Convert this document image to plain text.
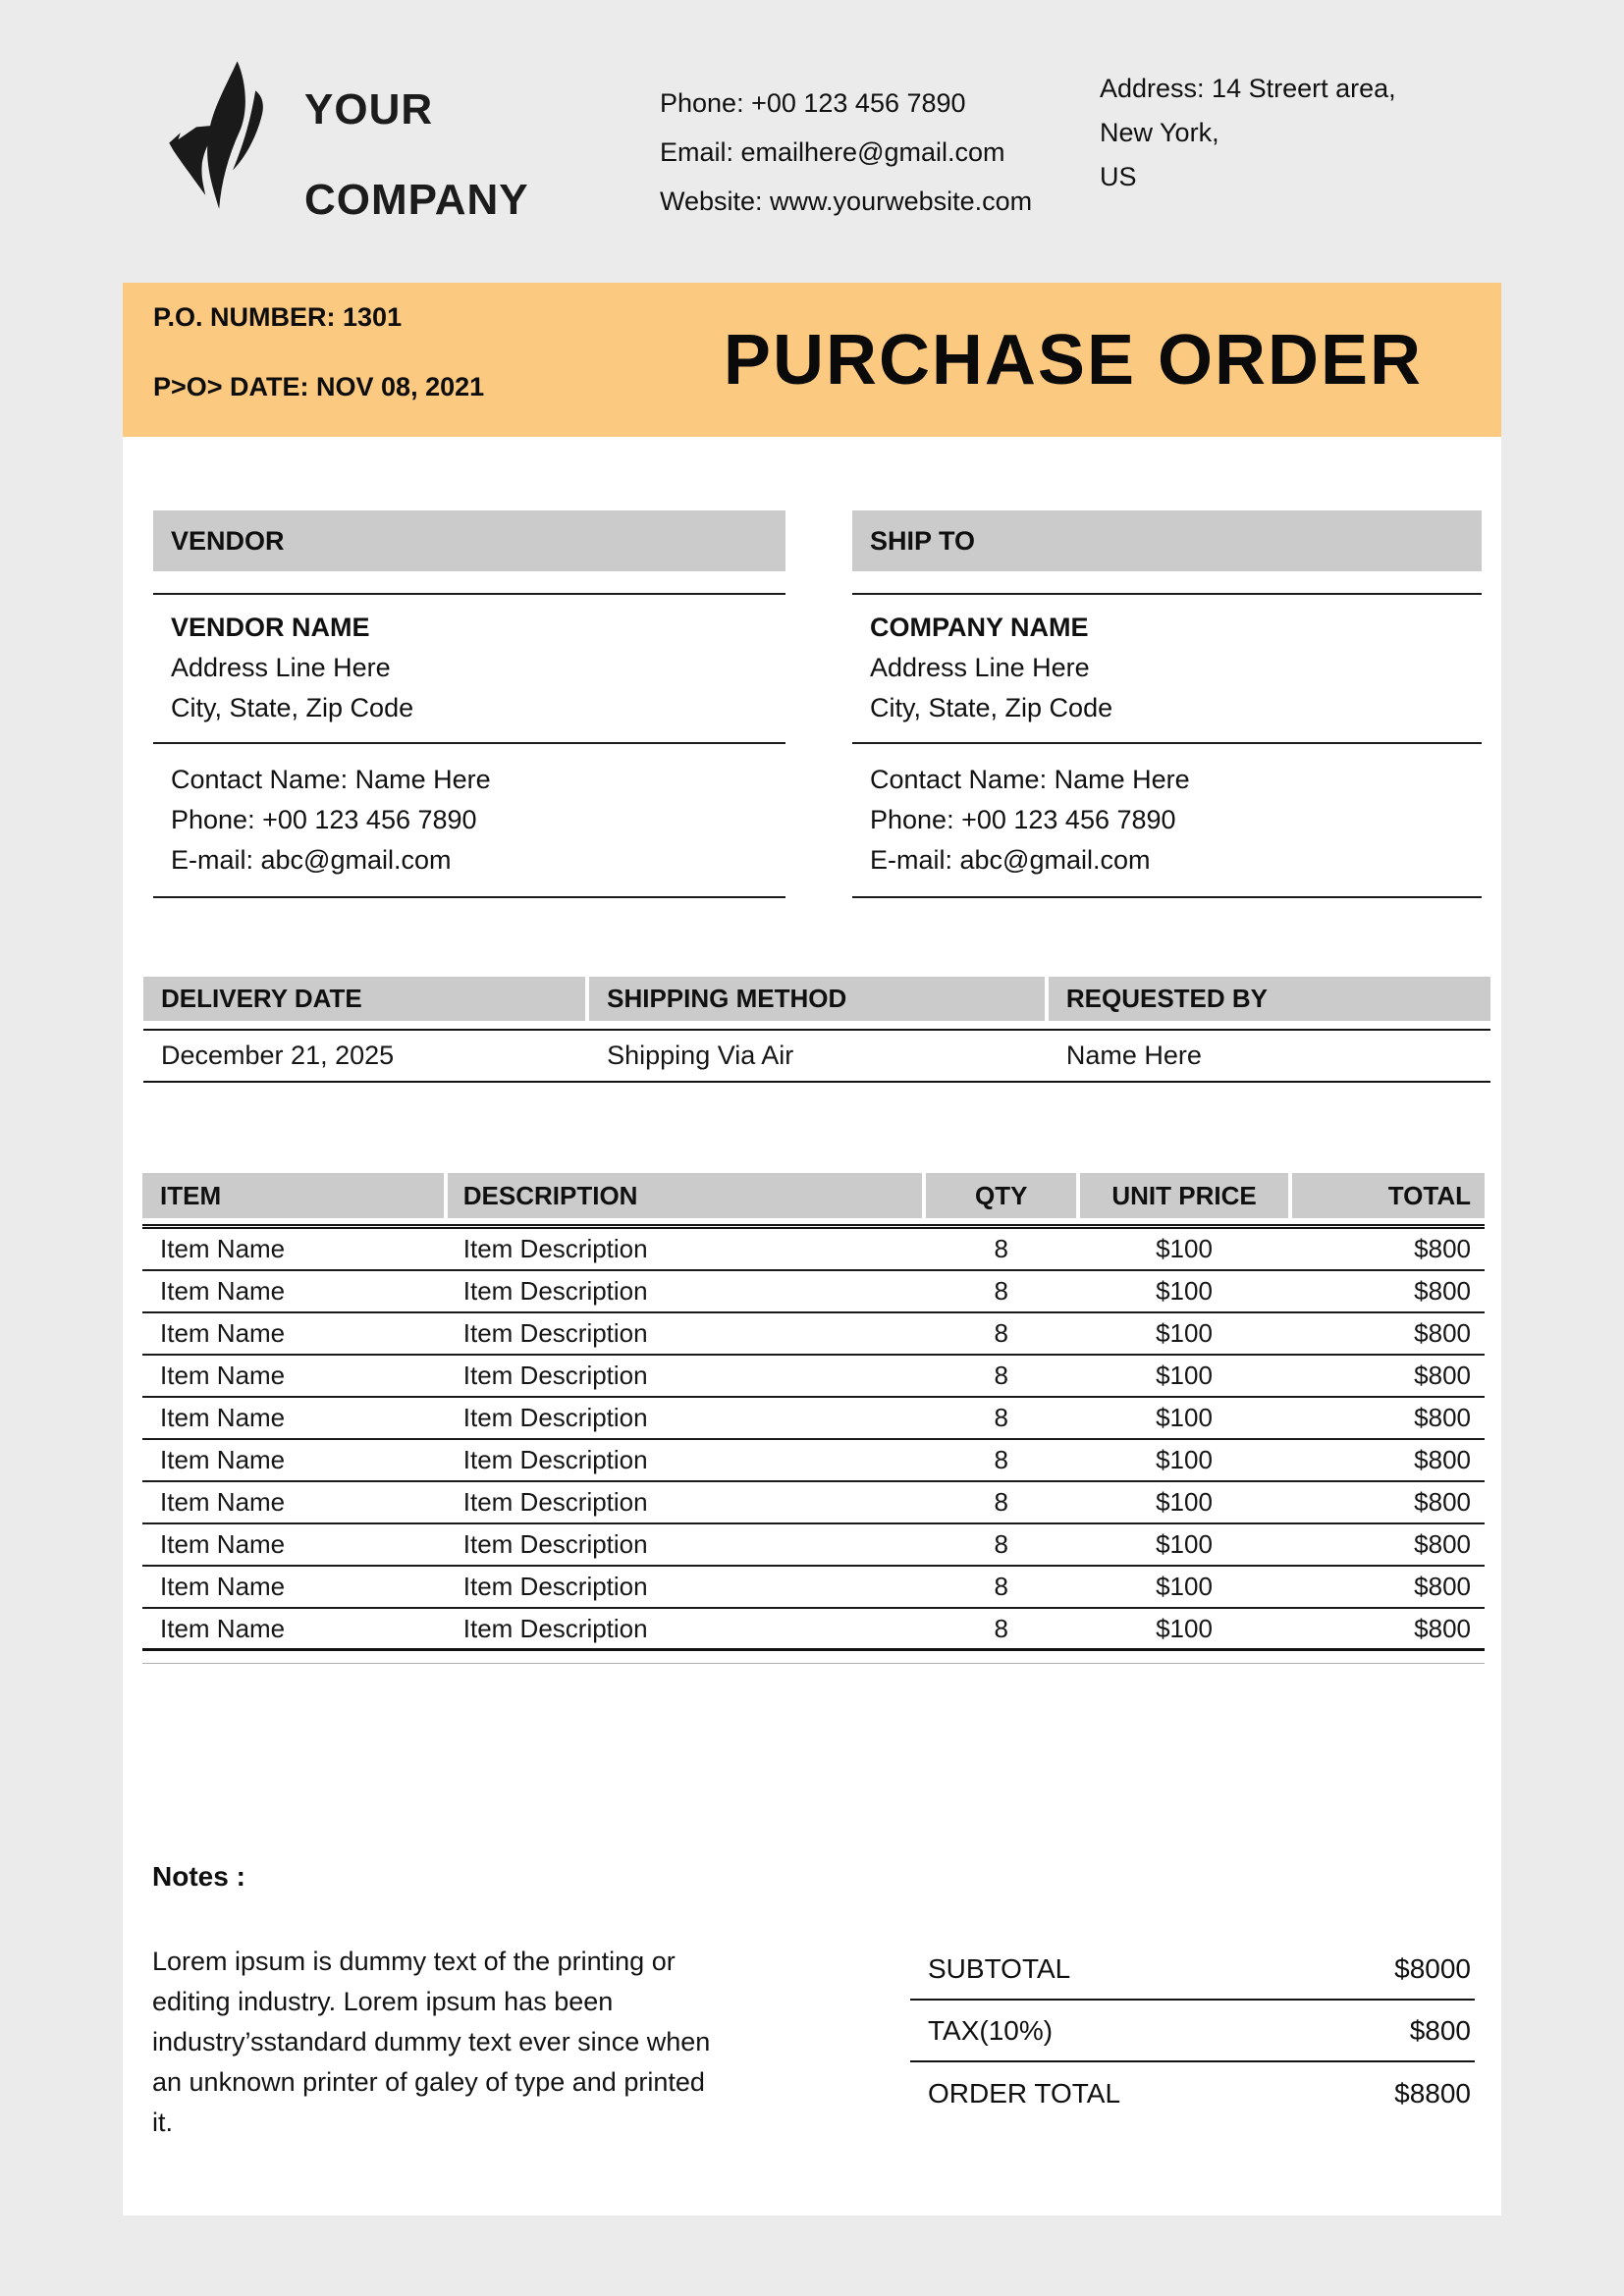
YOUR
COMPANY
Phone: +00 123 456 7890
Email: emailhere@gmail.com
Website: www.yourwebsite.com
Address: 14 Streert area,
New York,
US
P.O. NUMBER: 1301
P>O> DATE: NOV 08, 2021	PURCHASE ORDER
VENDOR
VENDOR NAME
Address Line Here
City, State, Zip Code
Contact Name: Name Here
Phone: +00 123 456 7890
E-mail: abc@gmail.com
SHIP TO
COMPANY NAME
Address Line Here
City, State, Zip Code
Contact Name: Name Here
Phone: +00 123 456 7890
E-mail: abc@gmail.com
DELIVERY DATE	SHIPPING METHOD	REQUESTED BY
December 21, 2025	Shipping Via Air	Name Here
ITEM	DESCRIPTION	QTY	UNIT PRICE	TOTAL
Item Name	Item Description	8	$100	$800
Item Name	Item Description	8	$100	$800
Item Name	Item Description	8	$100	$800
Item Name	Item Description	8	$100	$800
Item Name	Item Description	8	$100	$800
Item Name	Item Description	8	$100	$800
Item Name	Item Description	8	$100	$800
Item Name	Item Description	8	$100	$800
Item Name	Item Description	8	$100	$800
Item Name	Item Description	8	$100	$800
Notes :
Lorem ipsum is dummy text of the printing or editing industry. Lorem ipsum has been industry’sstandard dummy text ever since when an unknown printer of galey of type and printed it.
SUBTOTAL	$8000
TAX(10%)	$800
ORDER TOTAL	$8800
